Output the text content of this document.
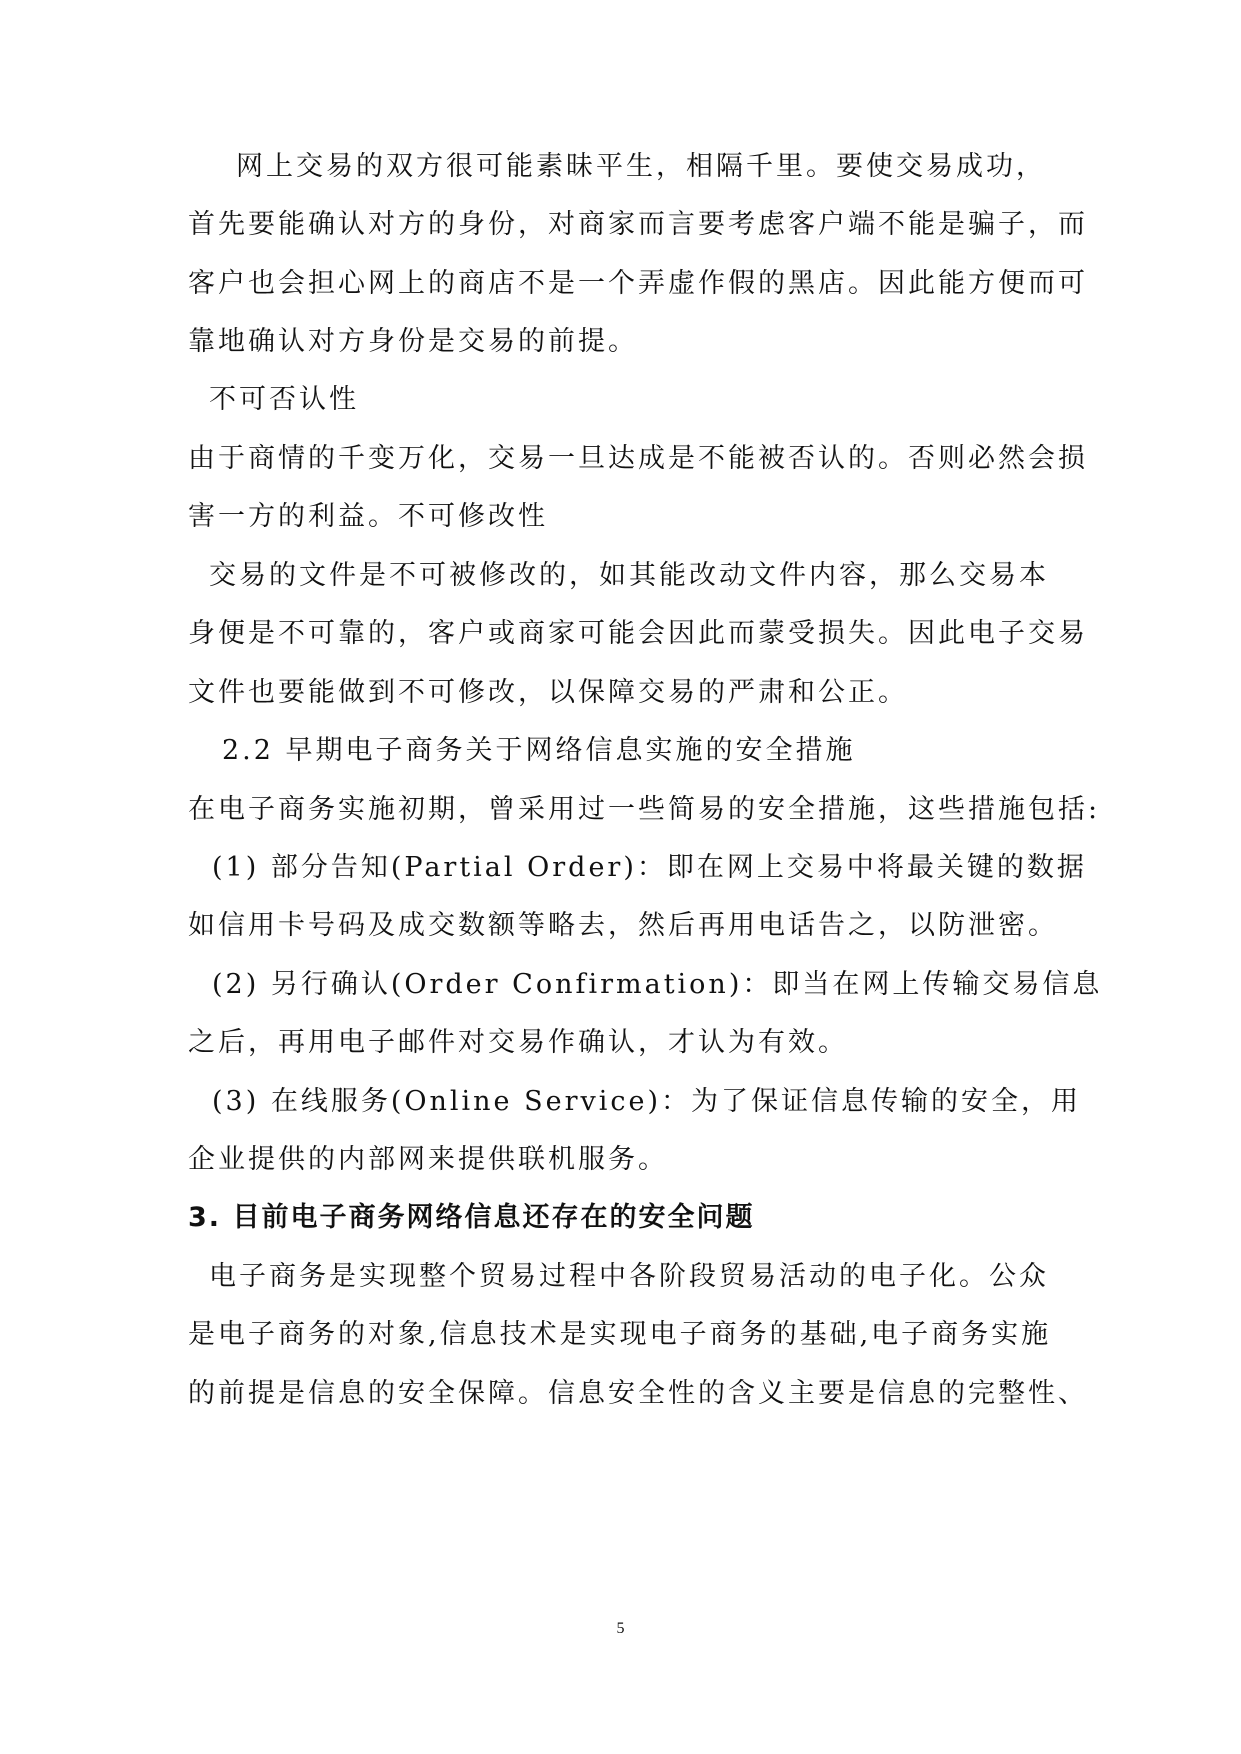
网上交易的双方很可能素昧平生，相隔千里。要使交易成功，
首先要能确认对方的身份，对商家而言要考虑客户端不能是骗子，而
客户也会担心网上的商店不是一个弄虚作假的黑店。因此能方便而可
靠地确认对方身份是交易的前提。
不可否认性
由于商情的千变万化，交易一旦达成是不能被否认的。否则必然会损
害一方的利益。不可修改性
交易的文件是不可被修改的，如其能改动文件内容，那么交易本
身便是不可靠的，客户或商家可能会因此而蒙受损失。因此电子交易
文件也要能做到不可修改，以保障交易的严肃和公正。
2.2 早期电子商务关于网络信息实施的安全措施
在电子商务实施初期，曾采用过一些简易的安全措施，这些措施包括:
(1) 部分告知(Partial Order)：即在网上交易中将最关键的数据
如信用卡号码及成交数额等略去，然后再用电话告之，以防泄密。
(2) 另行确认(Order Confirmation)：即当在网上传输交易信息
之后，再用电子邮件对交易作确认，才认为有效。
(3) 在线服务(Online Service)：为了保证信息传输的安全，用
企业提供的内部网来提供联机服务。
3. 目前电子商务网络信息还存在的安全问题
电子商务是实现整个贸易过程中各阶段贸易活动的电子化。公众
是电子商务的对象,信息技术是实现电子商务的基础,电子商务实施
的前提是信息的安全保障。信息安全性的含义主要是信息的完整性、
5
